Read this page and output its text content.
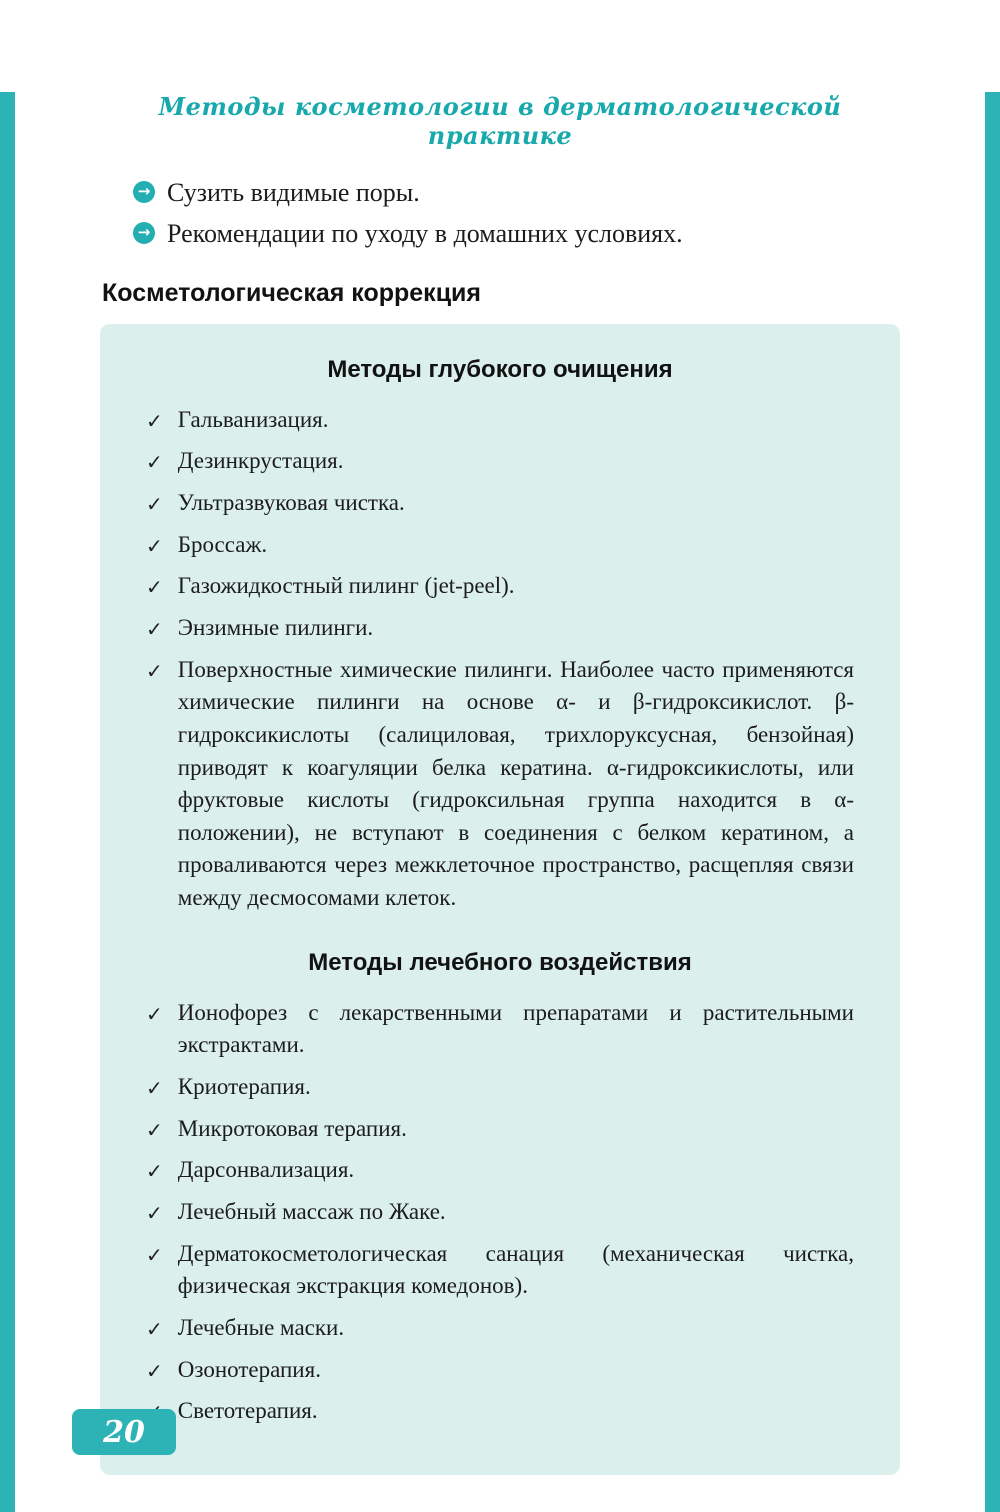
Методы косметологии в дерматологической практике
→ Сузить видимые поры.
→ Рекомендации по уходу в домашних условиях.
Косметологическая коррекция
Методы глубокого очищения
✓ Гальванизация.
✓ Дезинкрустация.
✓ Ультразвуковая чистка.
✓ Броссаж.
✓ Газожидкостный пилинг (jet-peel).
✓ Энзимные пилинги.
✓ Поверхностные химические пилинги. Наиболее часто применяются химические пилинги на основе α- и β-гидроксикислот. β-гидроксикислоты (салициловая, трихлоруксусная, бензойная) приводят к коагуляции белка кератина. α-гидроксикислоты, или фруктовые кислоты (гидроксильная группа находится в α-положении), не вступают в соединения с белком кератином, а проваливаются через межклеточное пространство, расщепляя связи между десмосомами клеток.
Методы лечебного воздействия
✓ Ионофорез с лекарственными препаратами и растительными экстрактами.
✓ Криотерапия.
✓ Микротоковая терапия.
✓ Дарсонвализация.
✓ Лечебный массаж по Жаке.
✓ Дерматокосметологическая санация (механическая чистка, физическая экстракция комедонов).
✓ Лечебные маски.
✓ Озонотерапия.
Светотерапия.
20
